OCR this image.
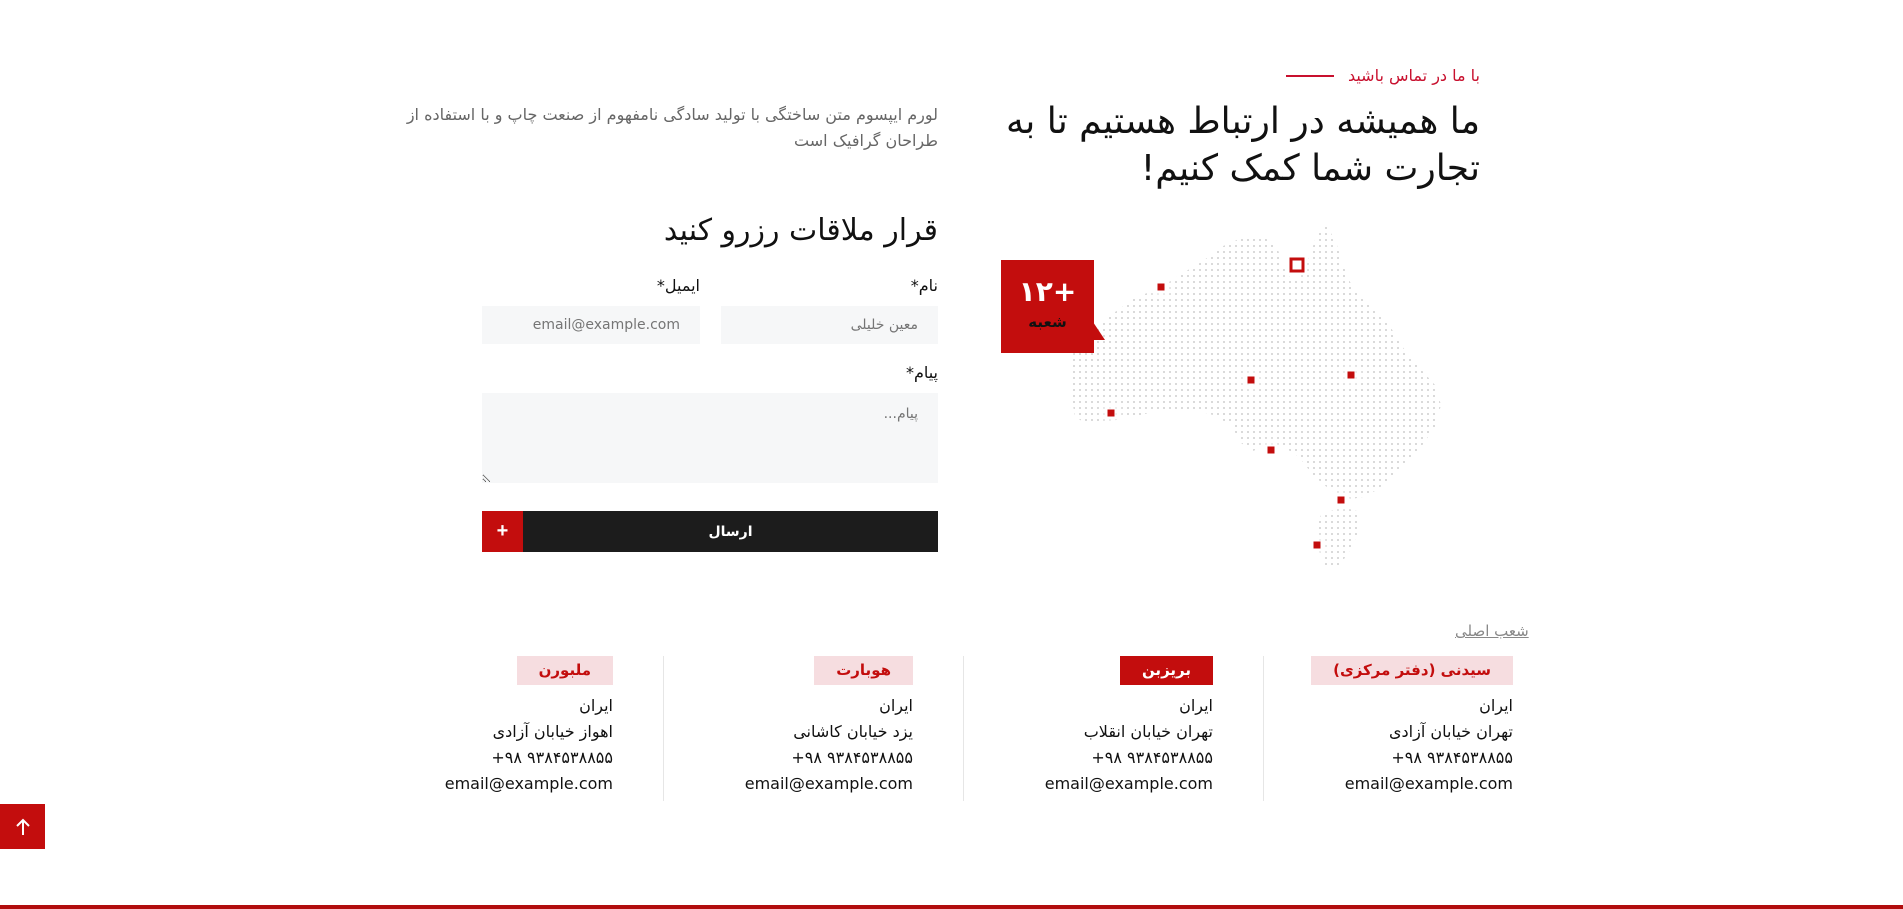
با ما در تماس باشید
ما همیشه در ارتباط هستیم تا به تجارت شما کمک کنیم!

لورم ایپسوم متن ساختگی با تولید سادگی نامفهوم از صنعت چاپ و با استفاده از طراحان گرافیک است

+۱۲
شعبه
قرار ملاقات رزرو کنید
نام*
ایمیل*
معین خلیلی
email@example.com
پیام*
پیام...
ارسال
+
شعب اصلی
سیدنی (دفتر مرکزی)
ایران
تهران خیابان آزادی
+۹۸ ۹۳۸۴۵۳۸۸۵۵
email@example.com
بریزبن
ایران
تهران خیابان انقلاب
+۹۸ ۹۳۸۴۵۳۸۸۵۵
email@example.com
هوبارت
ایران
یزد خیابان کاشانی
+۹۸ ۹۳۸۴۵۳۸۸۵۵
email@example.com
ملبورن
ایران
اهواز خیابان آزادی
+۹۸ ۹۳۸۴۵۳۸۸۵۵
email@example.com
